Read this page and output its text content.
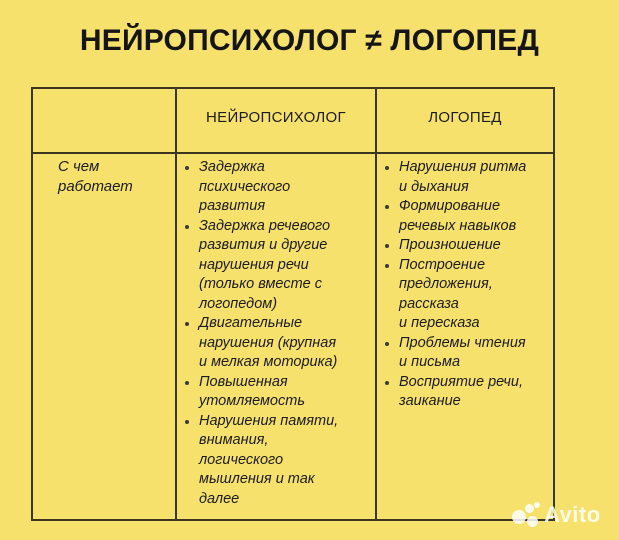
НЕЙРОПСИХОЛОГ ≠ ЛОГОПЕД
НЕЙРОПСИХОЛОГ	ЛОГОПЕД
С чем
работает
Задержка
психического
развития
Задержка речевого
развития и другие
нарушения речи
(только вместе с
логопедом)
Двигательные
нарушения (крупная
и мелкая моторика)
Повышенная
утомляемость
Нарушения памяти,
внимания,
логического
мышления и так
далее
Нарушения ритма
и дыхания
Формирование
речевых навыков
Произношение
Построение
предложения,
рассказа
и пересказа
Проблемы чтения
и письма
Восприятие речи,
заикание
Avito
